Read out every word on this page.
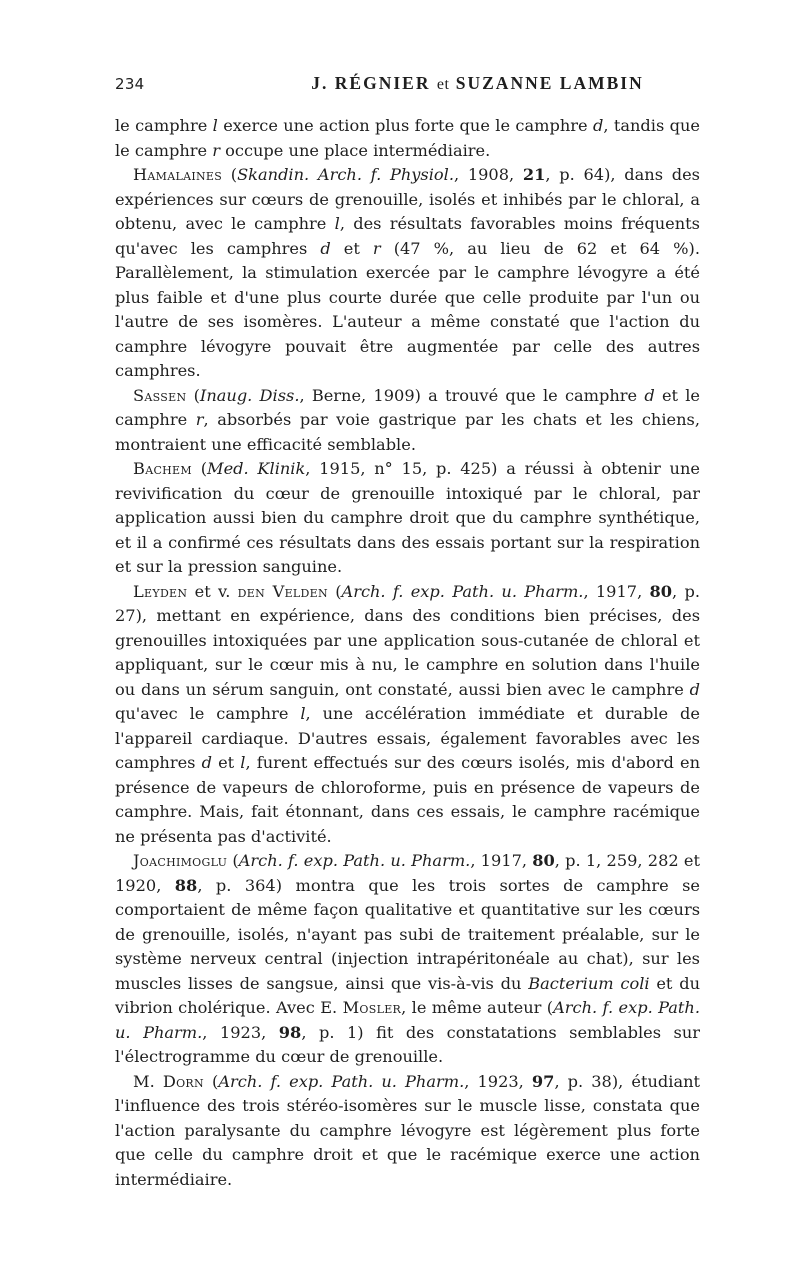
234	J. RÉGNIER et SUZANNE LAMBIN

le camphre l exerce une action plus forte que le camphre d, tandis que le camphre r occupe une place intermédiaire.

Hamalaines (Skandin. Arch. f. Physiol., 1908, 21, p. 64), dans des expériences sur cœurs de grenouille, isolés et inhibés par le chloral, a obtenu, avec le camphre l, des résultats favorables moins fréquents qu'avec les camphres d et r (47 %, au lieu de 62 et 64 %). Parallèlement, la stimulation exercée par le camphre lévogyre a été plus faible et d'une plus courte durée que celle produite par l'un ou l'autre de ses isomères. L'auteur a même constaté que l'action du camphre lévogyre pouvait être augmentée par celle des autres camphres.

Sassen (Inaug. Diss., Berne, 1909) a trouvé que le camphre d et le camphre r, absorbés par voie gastrique par les chats et les chiens, montraient une efficacité semblable.

Bachem (Med. Klinik, 1915, n° 15, p. 425) a réussi à obtenir une revivification du cœur de grenouille intoxiqué par le chloral, par application aussi bien du camphre droit que du camphre synthétique, et il a confirmé ces résultats dans des essais portant sur la respiration et sur la pression sanguine.

Leyden et v. den Velden (Arch. f. exp. Path. u. Pharm., 1917, 80, p. 27), mettant en expérience, dans des conditions bien précises, des grenouilles intoxiquées par une application sous-cutanée de chloral et appliquant, sur le cœur mis à nu, le camphre en solution dans l'huile ou dans un sérum sanguin, ont constaté, aussi bien avec le camphre d qu'avec le camphre l, une accélération immédiate et durable de l'appareil cardiaque. D'autres essais, également favorables avec les camphres d et l, furent effectués sur des cœurs isolés, mis d'abord en présence de vapeurs de chloroforme, puis en présence de vapeurs de camphre. Mais, fait étonnant, dans ces essais, le camphre racémique ne présenta pas d'activité.

Joachimoglu (Arch. f. exp. Path. u. Pharm., 1917, 80, p. 1, 259, 282 et 1920, 88, p. 364) montra que les trois sortes de camphre se comportaient de même façon qualitative et quantitative sur les cœurs de grenouille, isolés, n'ayant pas subi de traitement préalable, sur le système nerveux central (injection intrapéritonéale au chat), sur les muscles lisses de sangsue, ainsi que vis-à-vis du Bacterium coli et du vibrion cholérique. Avec E. Mosler, le même auteur (Arch. f. exp. Path. u. Pharm., 1923, 98, p. 1) fit des constatations semblables sur l'électrogramme du cœur de grenouille.

M. Dorn (Arch. f. exp. Path. u. Pharm., 1923, 97, p. 38), étudiant l'influence des trois stéréo-isomères sur le muscle lisse, constata que l'action paralysante du camphre lévogyre est légèrement plus forte que celle du camphre droit et que le racémique exerce une action intermédiaire.
